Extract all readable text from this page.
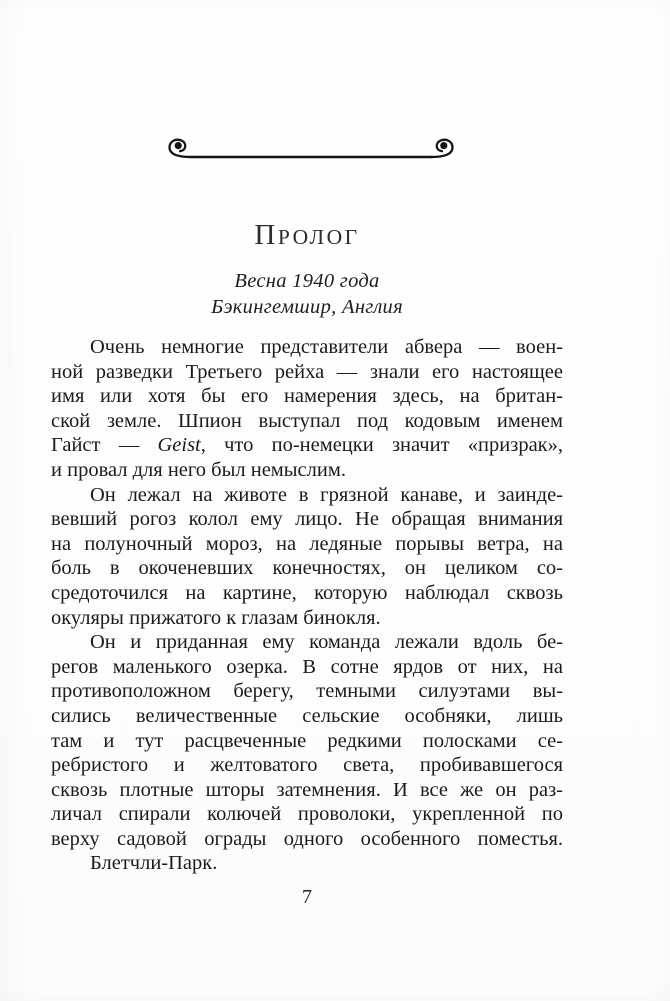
ПРОЛОГ
Весна 1940 года
Бэкингемшир, Англия
Очень немногие представители абвера — воен-
ной разведки Третьего рейха — знали его настоящее
имя или хотя бы его намерения здесь, на британ-
ской земле. Шпион выступал под кодовым именем
Гайст — Geist, что по-немецки значит «призрак»,
и провал для него был немыслим.
Он лежал на животе в грязной канаве, и заинде-
вевший рогоз колол ему лицо. Не обращая внимания
на полуночный мороз, на ледяные порывы ветра, на
боль в окоченевших конечностях, он целиком со-
средоточился на картине, которую наблюдал сквозь
окуляры прижатого к глазам бинокля.
Он и приданная ему команда лежали вдоль бе-
регов маленького озерка. В сотне ярдов от них, на
противоположном берегу, темными силуэтами вы-
сились величественные сельские особняки, лишь
там и тут расцвеченные редкими полосками се-
ребристого и желтоватого света, пробивавшегося
сквозь плотные шторы затемнения. И все же он раз-
личал спирали колючей проволоки, укрепленной по
верху садовой ограды одного особенного поместья.
Блетчли-Парк.
7
